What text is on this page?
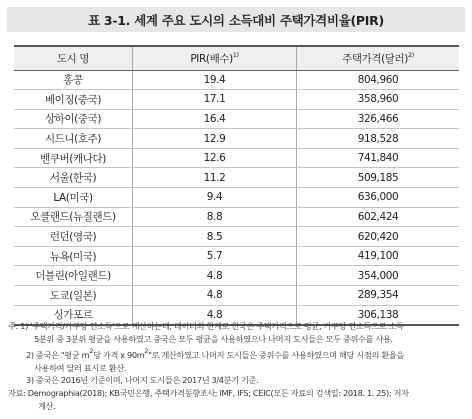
표 3-1. 세계 주요 도시의 소득대비 주택가격비율(PIR)
도시 명	PIR(배수)$^{1)}$	주택가격(달러)$^{2)}$
홍콩	19.4	804,960
베이징(중국)	17.1	358,960
상하이(중국)	16.4	326,466
시드니(호주)	12.9	918,528
밴쿠버(캐나다)	12.6	741,840
서울(한국)	11.2	509,185
LA(미국)	9.4	636,000
오클랜드(뉴질랜드)	8.8	602,424
런던(영국)	8.5	620,420
뉴욕(미국)	5.7	419,100
더블린(아일랜드)	4.8	354,000
도쿄(일본)	4.8	289,354
싱가포르	4.8	306,138
주: 1) '주택가격/가구당 연소득'으로 계산하는데, 데이터의 한계로 한국은 주택가격으로 평균, 가구당 연소득으로 소득
5분위 중 3분위 평균을 사용하였고 중국은 모두 평균을 사용하였으나 나머지 도시들은 모두 중위수를 사용.
2) 중국은 "평균 $m^2$당 가격 x $90m^2$"로 계산하였고 나머지 도시들은 중위수를 사용하였으며 해당 시점의 환율을
사용하여 달러 표시로 환산.
3) 중국은 2016년 기준이며, 나머지 도시들은 2017년 3/4분기 기준.
자료: Demographia(2018); KB국민은행, 주택가격동향조사; IMF, IFS; CEIC(모든 자료의 검색일: 2018. 1. 25); 저자
계산.
